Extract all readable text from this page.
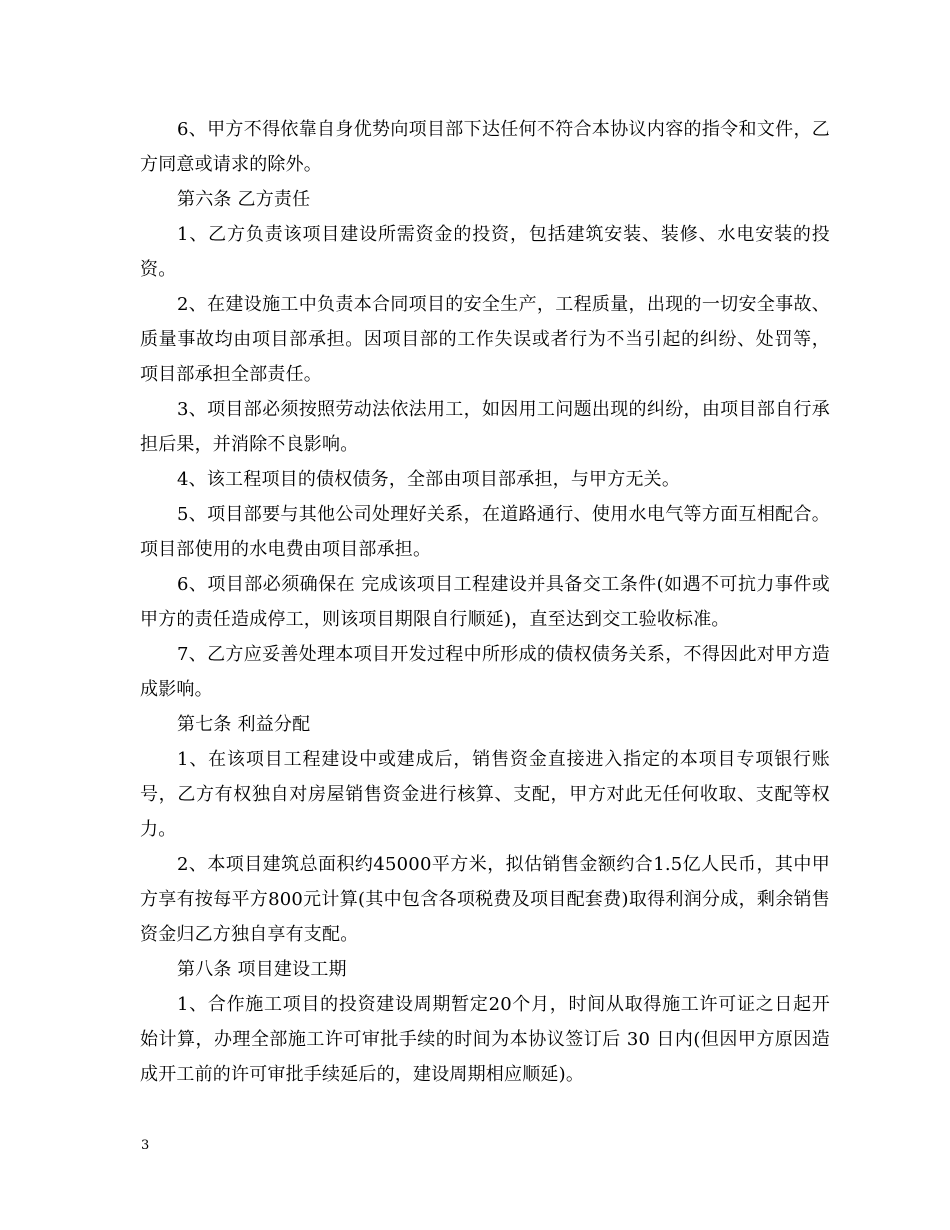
6、甲方不得依靠自身优势向项目部下达任何不符合本协议内容的指令和文件，乙方同意或请求的除外。

第六条 乙方责任

1、乙方负责该项目建设所需资金的投资，包括建筑安装、装修、水电安装的投资。

2、在建设施工中负责本合同项目的安全生产，工程质量，出现的一切安全事故、质量事故均由项目部承担。因项目部的工作失误或者行为不当引起的纠纷、处罚等，项目部承担全部责任。

3、项目部必须按照劳动法依法用工，如因用工问题出现的纠纷，由项目部自行承担后果，并消除不良影响。

4、该工程项目的债权债务，全部由项目部承担，与甲方无关。

5、项目部要与其他公司处理好关系，在道路通行、使用水电气等方面互相配合。项目部使用的水电费由项目部承担。

6、项目部必须确保在 完成该项目工程建设并具备交工条件(如遇不可抗力事件或甲方的责任造成停工，则该项目期限自行顺延)，直至达到交工验收标准。

7、乙方应妥善处理本项目开发过程中所形成的债权债务关系，不得因此对甲方造成影响。

第七条 利益分配

1、在该项目工程建设中或建成后，销售资金直接进入指定的本项目专项银行账号，乙方有权独自对房屋销售资金进行核算、支配，甲方对此无任何收取、支配等权力。

2、本项目建筑总面积约45000平方米，拟估销售金额约合1.5亿人民币，其中甲方享有按每平方800元计算(其中包含各项税费及项目配套费)取得利润分成，剩余销售资金归乙方独自享有支配。

第八条 项目建设工期

1、合作施工项目的投资建设周期暂定20个月，时间从取得施工许可证之日起开始计算，办理全部施工许可审批手续的时间为本协议签订后 30 日内(但因甲方原因造成开工前的许可审批手续延后的，建设周期相应顺延)。

3
